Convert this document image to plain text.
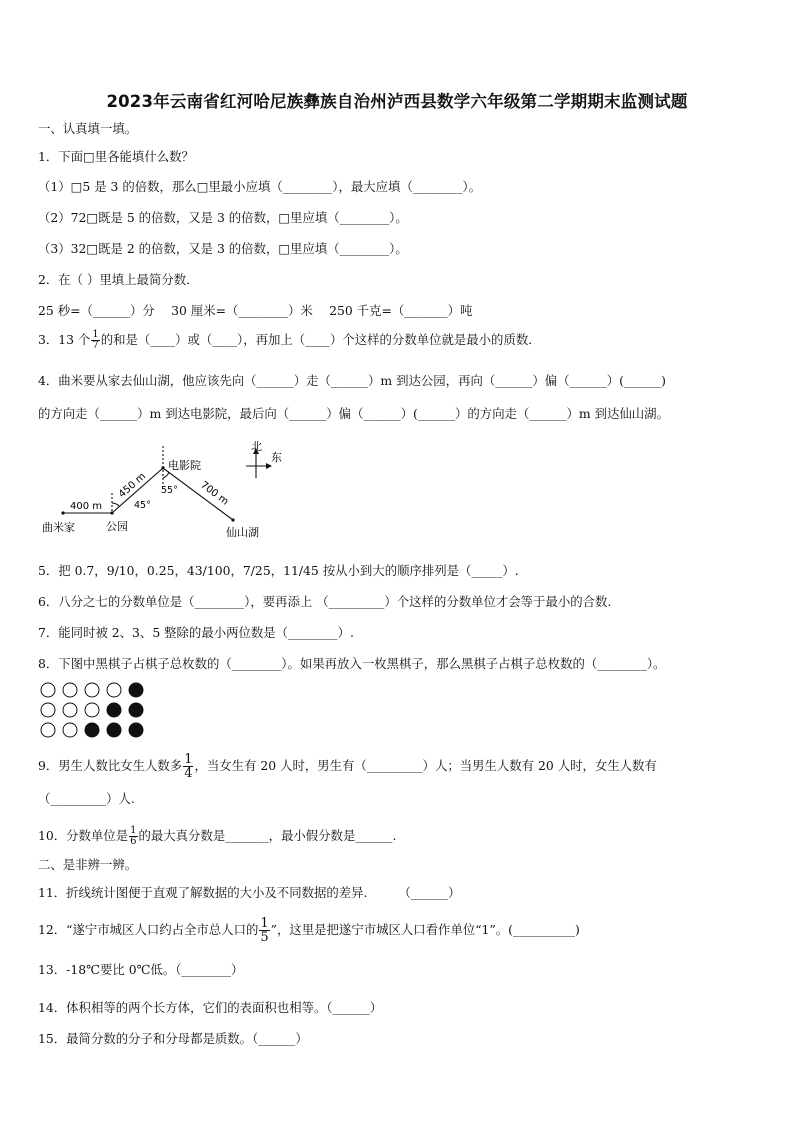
2023年云南省红河哈尼族彝族自治州泸西县数学六年级第二学期期末监测试题
一、认真填一填。
1．下面□里各能填什么数？
（1）□5 是 3 的倍数，那么□里最小应填（________），最大应填（________）。
（2）72□既是 5 的倍数，又是 3 的倍数，□里应填（________）。
（3）32□既是 2 的倍数，又是 3 的倍数，□里应填（________）。
2．在（ ）里填上最简分数．
25 秒=（______）分　 30 厘米=（________）米　 250 千克=（_______）吨
3．13 个 $\frac{1}{7}$ 的和是（____）或（____），再加上（____）个这样的分数单位就是最小的质数．
4．曲米要从家去仙山湖，他应该先向（______）走（______）m 到达公园，再向（______）偏（______）(______)
的方向走（______）m 到达电影院，最后向（______）偏（______）(______）的方向走（______）m 到达仙山湖。
北
东
曲米家	公园
电影院
仙山湖
400 m
450 m	700 m
45°
55°
5．把 0.7，9/10，0.25，43/100，7/25，11/45 按从小到大的顺序排列是（_____）.
6．八分之七的分数单位是（________），要再添上 （_________）个这样的分数单位才会等于最小的合数.
7．能同时被 2、3、5 整除的最小两位数是（________）.
8．下图中黑棋子占棋子总枚数的（________）。如果再放入一枚黑棋子，那么黑棋子占棋子总枚数的（________）。
9．男生人数比女生人数多 $\frac{1}{4}$ ，当女生有 20 人时，男生有（_________）人；当男生人数有 20 人时，女生人数有
（_________）人.
10．分数单位是 $\frac{1}{6}$ 的最大真分数是_______，最小假分数是______.
二、是非辨一辨。
11．折线统计图便于直观了解数据的大小及不同数据的差异.　　　（______）
12．“遂宁市城区人口约占全市总人口的 $\frac{1}{5}$ ”，这里是把遂宁市城区人口看作单位“1”。(__________)
13．-18℃要比 0℃低。（________）
14．体积相等的两个长方体，它们的表面积也相等。（______）
15．最简分数的分子和分母都是质数。（______）
